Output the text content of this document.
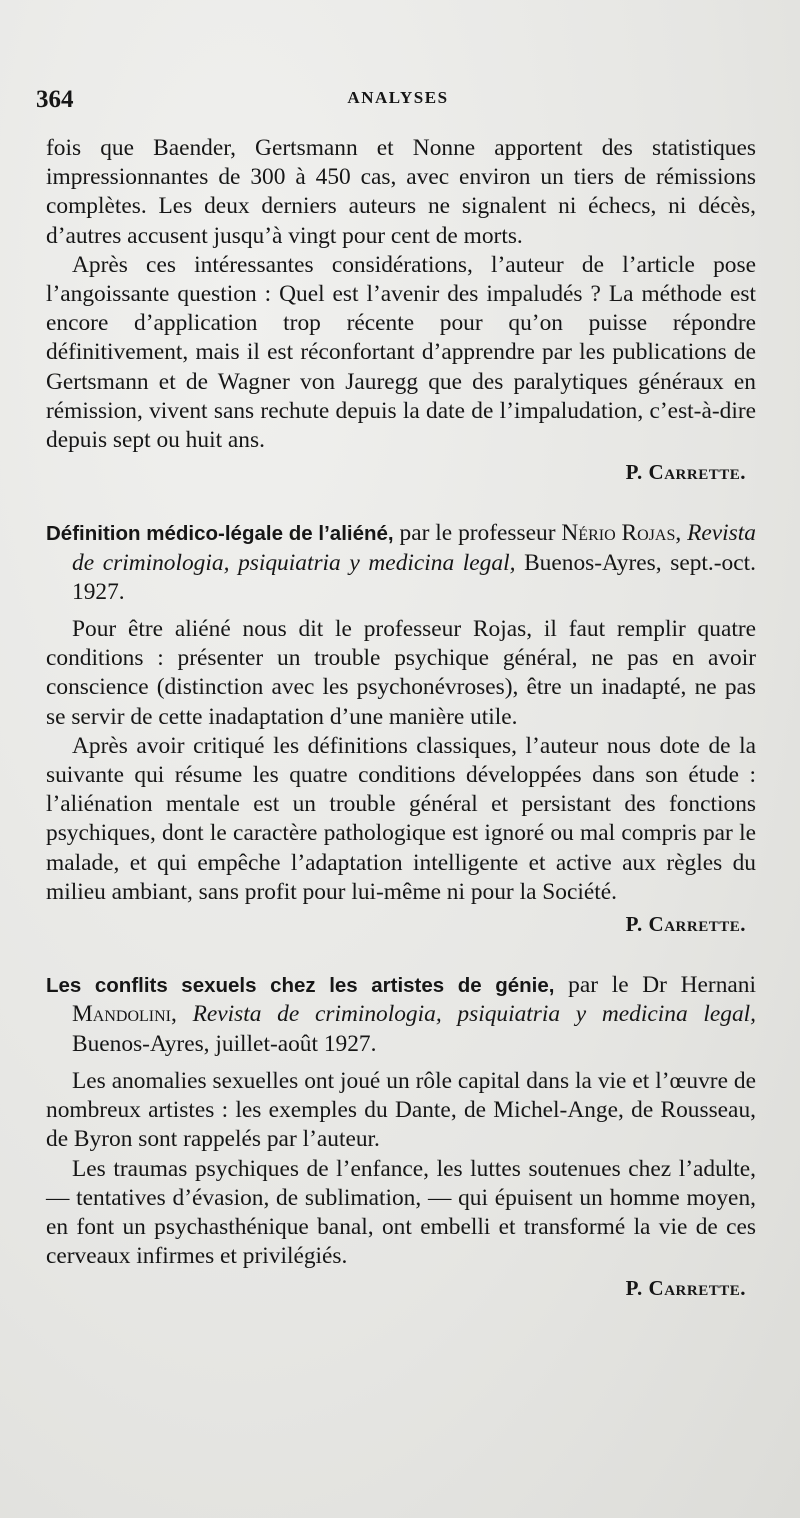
364	ANALYSES

fois que Baender, Gertsmann et Nonne apportent des statistiques impressionnantes de 300 à 450 cas, avec environ un tiers de rémissions complètes. Les deux derniers auteurs ne signalent ni échecs, ni décès, d’autres accusent jusqu’à vingt pour cent de morts.

Après ces intéressantes considérations, l’auteur de l’article pose l’angoissante question : Quel est l’avenir des impaludés ? La méthode est encore d’application trop récente pour qu’on puisse répondre définitivement, mais il est réconfortant d’apprendre par les publications de Gertsmann et de Wagner von Jauregg que des paralytiques généraux en rémission, vivent sans rechute depuis la date de l’impaludation, c’est-à-dire depuis sept ou huit ans.

P. Carrette.

Définition médico-légale de l’aliéné, par le professeur Nério Rojas, Revista de criminologia, psiquiatria y medicina legal, Buenos-Ayres, sept.-oct. 1927.

Pour être aliéné nous dit le professeur Rojas, il faut remplir quatre conditions : présenter un trouble psychique général, ne pas en avoir conscience (distinction avec les psychonévroses), être un inadapté, ne pas se servir de cette inadaptation d’une manière utile.

Après avoir critiqué les définitions classiques, l’auteur nous dote de la suivante qui résume les quatre conditions développées dans son étude : l’aliénation mentale est un trouble général et persistant des fonctions psychiques, dont le caractère pathologique est ignoré ou mal compris par le malade, et qui empêche l’adaptation intelligente et active aux règles du milieu ambiant, sans profit pour lui-même ni pour la Société.

P. Carrette.

Les conflits sexuels chez les artistes de génie, par le Dr Hernani Mandolini, Revista de criminologia, psiquiatria y medicina legal, Buenos-Ayres, juillet-août 1927.

Les anomalies sexuelles ont joué un rôle capital dans la vie et l’œuvre de nombreux artistes : les exemples du Dante, de Michel-Ange, de Rousseau, de Byron sont rappelés par l’auteur.

Les traumas psychiques de l’enfance, les luttes soutenues chez l’adulte, — tentatives d’évasion, de sublimation, — qui épuisent un homme moyen, en font un psychasthénique banal, ont embelli et transformé la vie de ces cerveaux infirmes et privilégiés.

P. Carrette.
